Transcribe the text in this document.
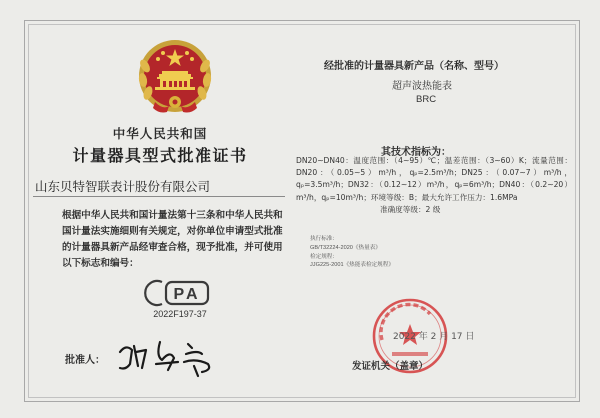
中华人民共和国
计量器具型式批准证书
山东贝特智联表计股份有限公司
根据中华人民共和国计量法第十三条和中华人民共和国计量法实施细则有关规定，对你单位申请型式批准的计量器具新产品经审查合格，现予批准，并可使用以下标志和编号：
PA
2022F197-37
批准人：
经批准的计量器具新产品（名称、型号）
超声波热能表
BRC
其技术指标为：
DN20~DN40：温度范围：（4~95）℃；温差范围：（3~60）K；流量范围：DN20：（0.05~5）m³/h，qₚ=2.5m³/h；DN25：（0.07~7）m³/h，qₚ=3.5m³/h；DN32：（0.12~12）m³/h，qₚ=6m³/h；DN40：（0.2~20）m³/h，qₚ=10m³/h；环境等级：B；最大允许工作压力：1.6MPa
准确度等级：2 级
执行标准：
GB/T32224-2020《热量表》
检定规程：
JJG225-2001《热能表检定规程》
2022 年 2 月 17 日
发证机关（盖章）
